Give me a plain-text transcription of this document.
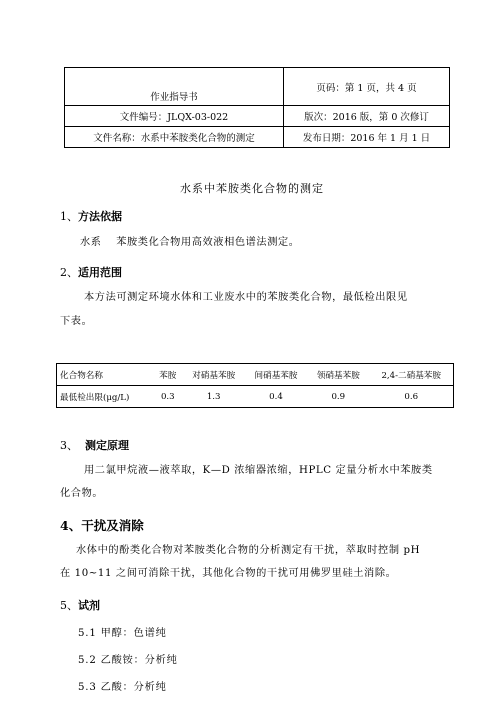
作业指导书	页码：第 1 页，共 4 页
文件编号：JLQX-03-022	版次：2016 版，第 0 次修订
文件名称：水系中苯胺类化合物的测定	发布日期：2016 年 1 月 1 日
水系中苯胺类化合物的测定
1、方法依据
水系　 苯胺类化合物用高效液相色谱法测定。
2、适用范围
本方法可测定环境水体和工业废水中的苯胺类化合物，最低检出限见
下表。
化合物名称	苯胺	对硝基苯胺	间硝基苯胺	领硝基苯胺	2,4-二硝基苯胺
最低检出限(μg/L)	0.3	1.3	0.4	0.9	0.6
3、 测定原理
用二氯甲烷液—液萃取，K—D 浓缩器浓缩，HPLC 定量分析水中苯胺类
化合物。
4、干扰及消除
水体中的酚类化合物对苯胺类化合物的分析测定有干扰，萃取时控制 pH
在 10~11 之间可消除干扰，其他化合物的干扰可用佛罗里硅土消除。
5、试剂
5.1 甲醇：色谱纯
5.2 乙酸铵：分析纯
5.3 乙酸：分析纯
